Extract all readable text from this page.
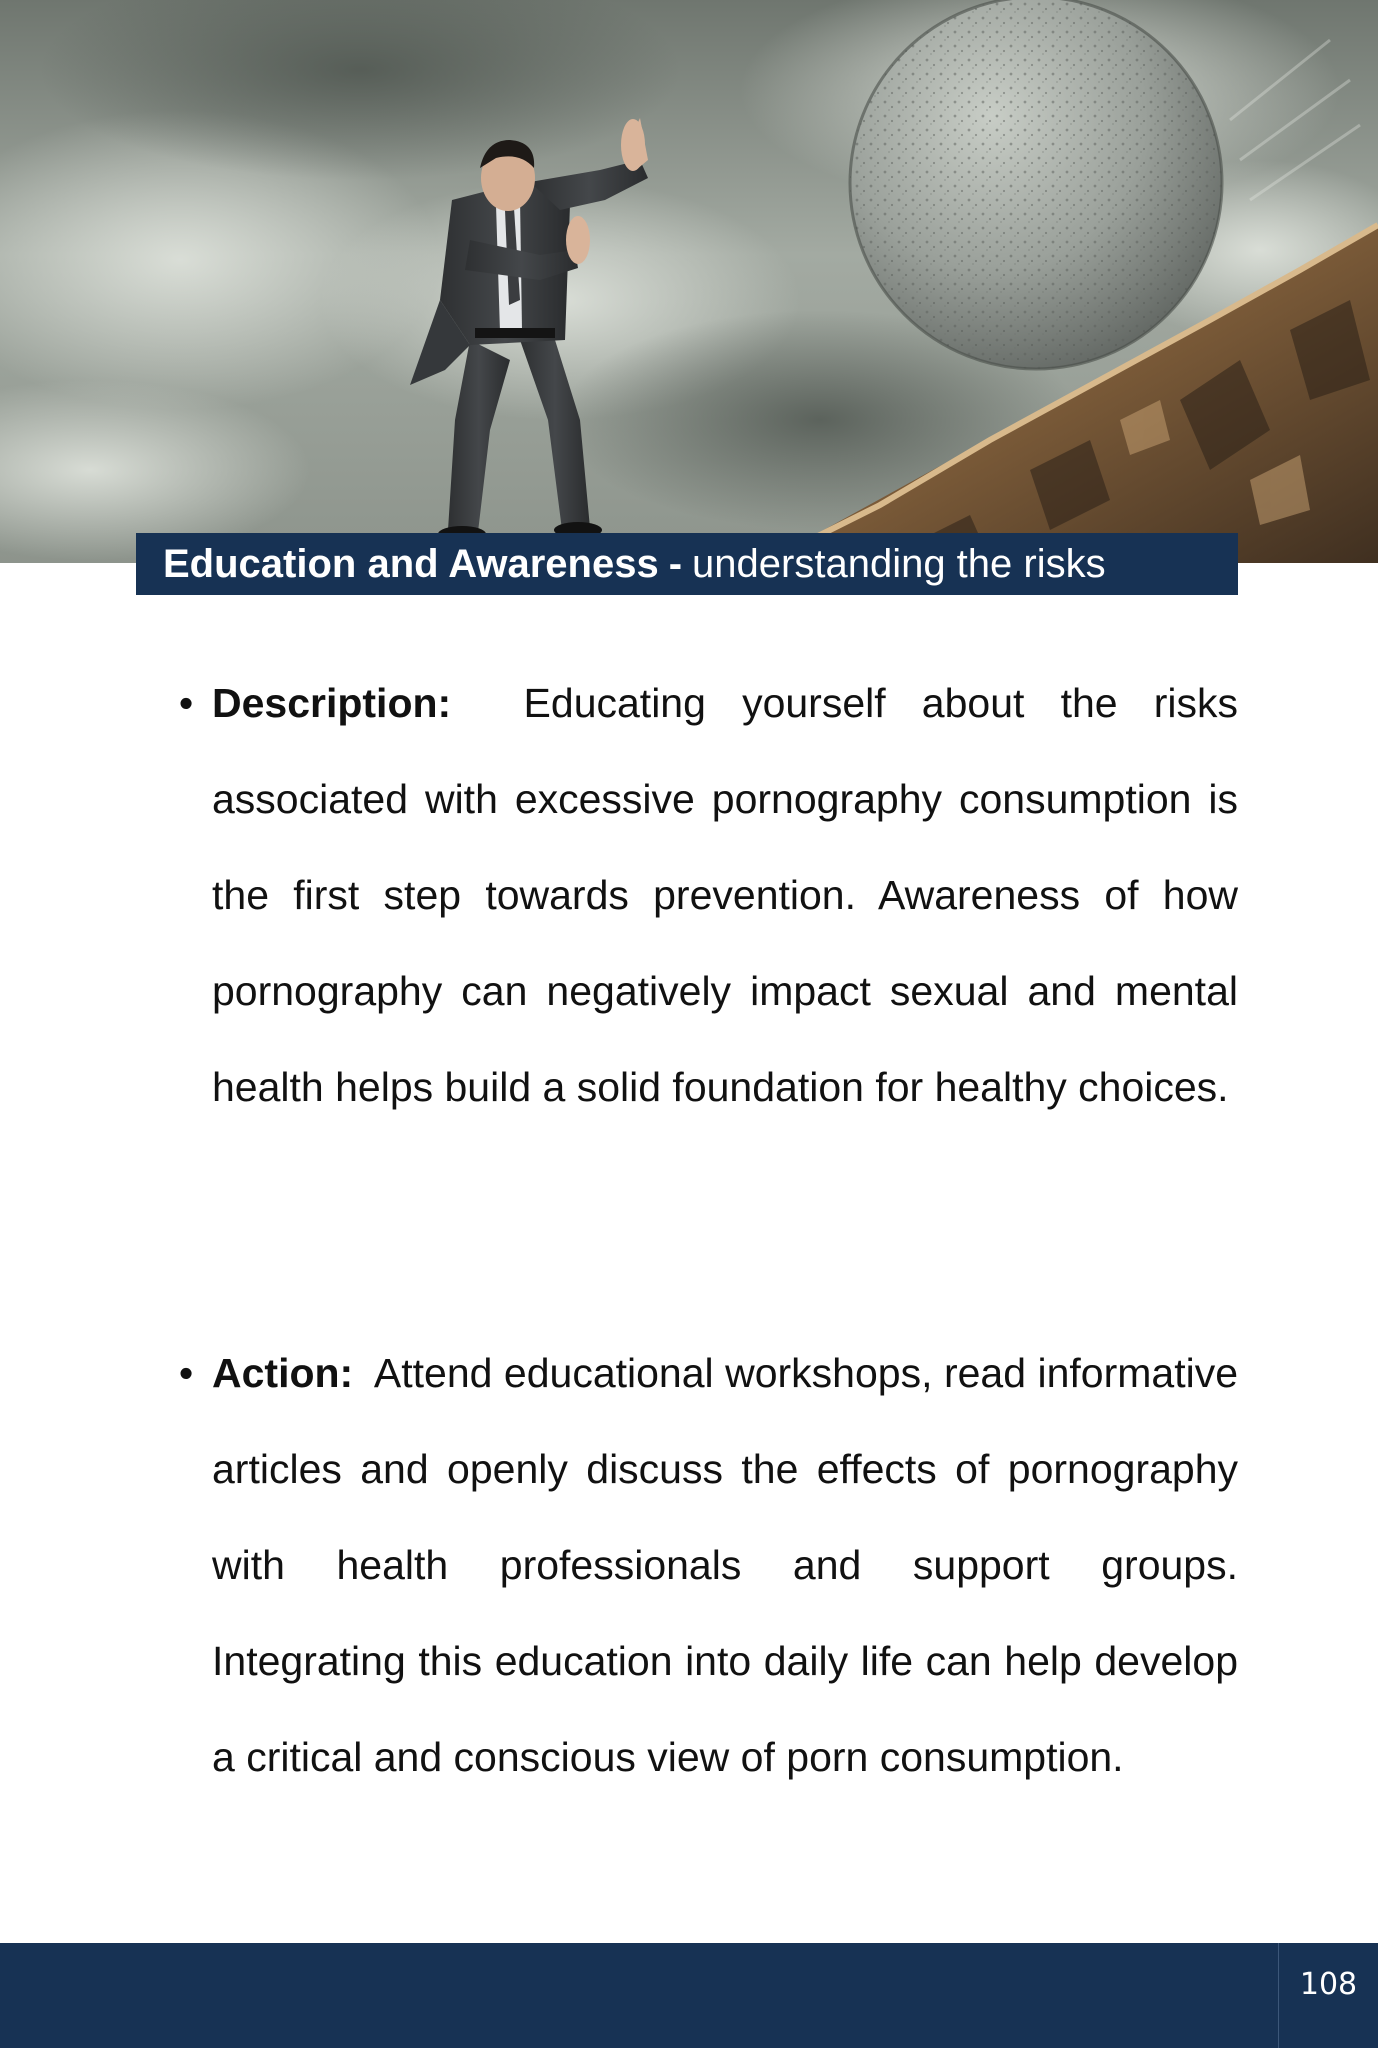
Education and Awareness - understanding the risks

• Description:  Educating yourself about the risks associated with excessive pornography consumption is the first step towards prevention. Awareness of how pornography can negatively impact sexual and mental health helps build a solid foundation for healthy choices.

• Action:  Attend educational workshops, read informative articles and openly discuss the effects of pornography with health professionals and support groups. Integrating this education into daily life can help develop a critical and conscious view of porn consumption.

108
